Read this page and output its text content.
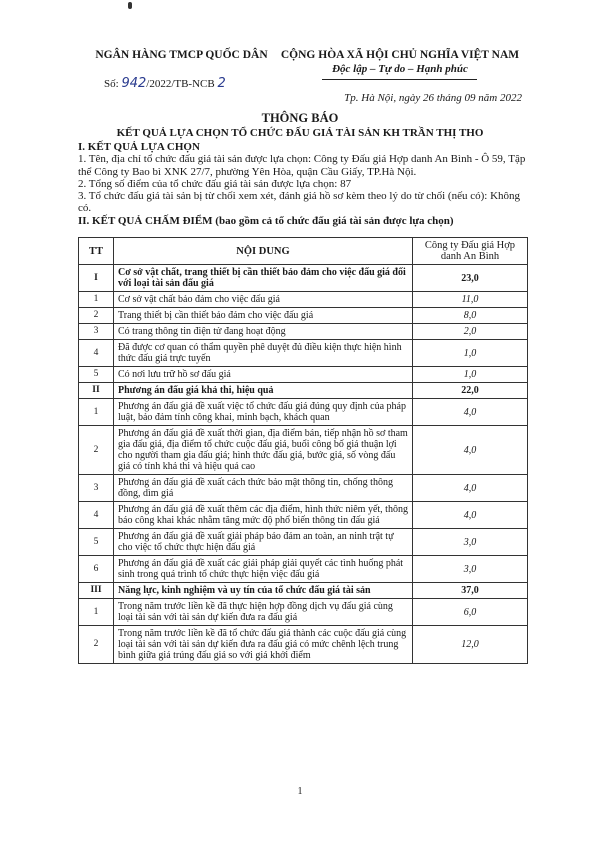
NGÂN HÀNG TMCP QUỐC DÂN	CỘNG HÒA XÃ HỘI CHỦ NGHĨA VIỆT NAM
Độc lập – Tự do – Hạnh phúc
Số: 942/2022/TB-NCB 2
Tp. Hà Nội, ngày 26 tháng 09 năm 2022
THÔNG BÁO
KẾT QUẢ LỰA CHỌN TỔ CHỨC ĐẤU GIÁ TÀI SẢN KH TRẦN THỊ THO

I. KẾT QUẢ LỰA CHỌN

1. Tên, địa chỉ tổ chức đấu giá tài sản được lựa chọn: Công ty Đấu giá Hợp danh An Bình - Ô 59, Tập thể Công ty Bao bì XNK 27/7, phường Yên Hòa, quận Cầu Giấy, TP.Hà Nội.

2. Tổng số điểm của tổ chức đấu giá tài sản được lựa chọn: 87

3. Tổ chức đấu giá tài sản bị từ chối xem xét, đánh giá hồ sơ kèm theo lý do từ chối (nếu có): Không có.

II. KẾT QUẢ CHẤM ĐIỂM (bao gồm cả tổ chức đấu giá tài sản được lựa chọn)

TT	NỘI DUNG	Công ty Đấu giá Hợp danh An Bình
I	Cơ sở vật chất, trang thiết bị cần thiết bảo đảm cho việc đấu giá đối với loại tài sản đấu giá	23,0
1	Cơ sở vật chất bảo đảm cho việc đấu giá	11,0
2	Trang thiết bị cần thiết bảo đảm cho việc đấu giá	8,0
3	Có trang thông tin điện tử đang hoạt động	2,0
4	Đã được cơ quan có thẩm quyền phê duyệt đủ điều kiện thực hiện hình thức đấu giá trực tuyến	1,0
5	Có nơi lưu trữ hồ sơ đấu giá	1,0
II	Phương án đấu giá khả thi, hiệu quả	22,0
1	Phương án đấu giá đề xuất việc tổ chức đấu giá đúng quy định của pháp luật, bảo đảm tính công khai, minh bạch, khách quan	4,0
2	Phương án đấu giá đề xuất thời gian, địa điểm bán, tiếp nhận hồ sơ tham gia đấu giá, địa điểm tổ chức cuộc đấu giá, buổi công bố giá thuận lợi cho người tham gia đấu giá; hình thức đấu giá, bước giá, số vòng đấu giá có tính khả thi và hiệu quả cao	4,0
3	Phương án đấu giá đề xuất cách thức bảo mật thông tin, chống thông đồng, dìm giá	4,0
4	Phương án đấu giá đề xuất thêm các địa điểm, hình thức niêm yết, thông báo công khai khác nhằm tăng mức độ phổ biến thông tin đấu giá	4,0
5	Phương án đấu giá đề xuất giải pháp bảo đảm an toàn, an ninh trật tự cho việc tổ chức thực hiện đấu giá	3,0
6	Phương án đấu giá đề xuất các giải pháp giải quyết các tình huống phát sinh trong quá trình tổ chức thực hiện việc đấu giá	3,0
III	Năng lực, kinh nghiệm và uy tín của tổ chức đấu giá tài sản	37,0
1	Trong năm trước liền kề đã thực hiện hợp đồng dịch vụ đấu giá cùng loại tài sản với tài sản dự kiến đưa ra đấu giá	6,0
2	Trong năm trước liền kề đã tổ chức đấu giá thành các cuộc đấu giá cùng loại tài sản với tài sản dự kiến đưa ra đấu giá có mức chênh lệch trung bình giữa giá trúng đấu giá so với giá khởi điểm	12,0
1
